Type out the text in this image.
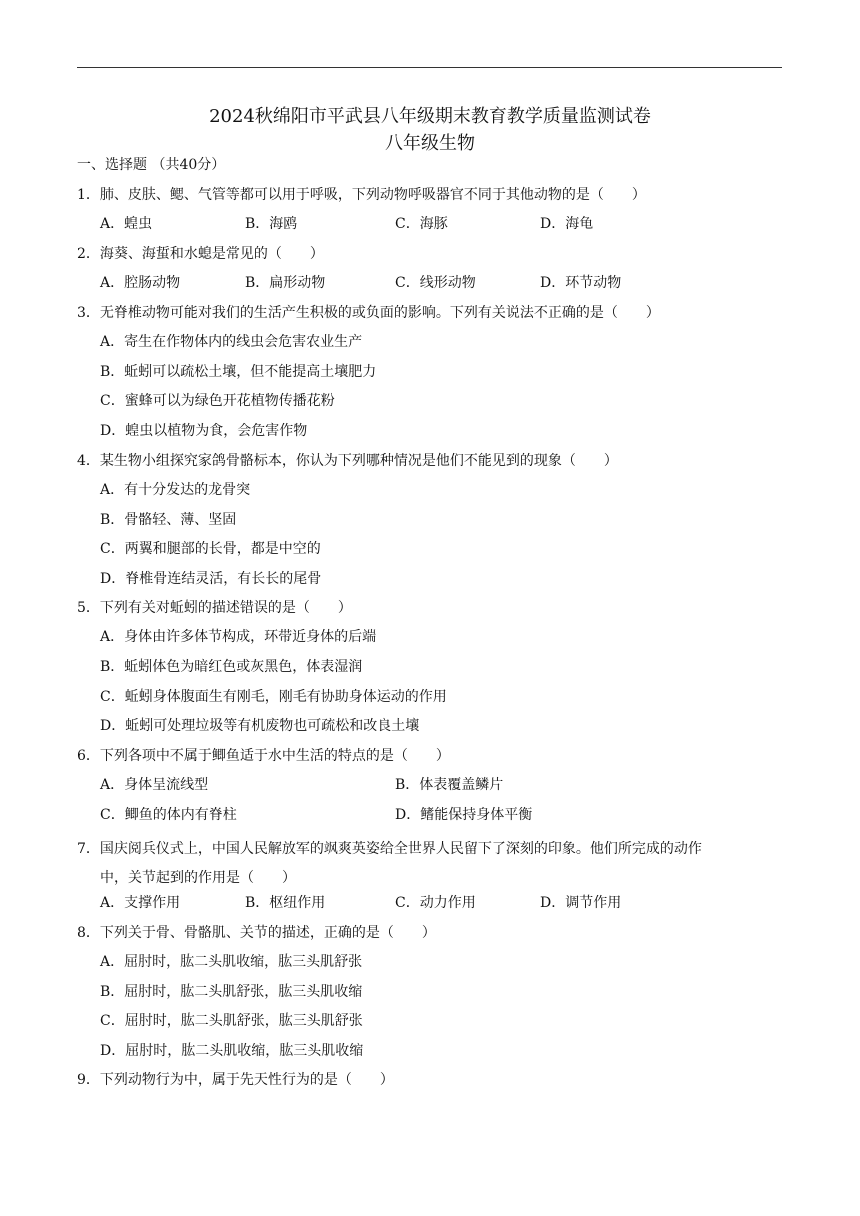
2024秋绵阳市平武县八年级期末教育教学质量监测试卷
八年级生物
一、选择题 （共40分）
1．肺、皮肤、鳃、气管等都可以用于呼吸，下列动物呼吸器官不同于其他动物的是（　　）
A．蝗虫	B．海鸥	C．海豚	D．海龟
2．海葵、海蜇和水螅是常见的（　　）
A．腔肠动物	B．扁形动物	C．线形动物	D．环节动物
3．无脊椎动物可能对我们的生活产生积极的或负面的影响。下列有关说法不正确的是（　　）
A．寄生在作物体内的线虫会危害农业生产
B．蚯蚓可以疏松土壤，但不能提高土壤肥力
C．蜜蜂可以为绿色开花植物传播花粉
D．蝗虫以植物为食，会危害作物
4．某生物小组探究家鸽骨骼标本，你认为下列哪种情况是他们不能见到的现象（　　）
A．有十分发达的龙骨突
B．骨骼轻、薄、坚固
C．两翼和腿部的长骨，都是中空的
D．脊椎骨连结灵活，有长长的尾骨
5．下列有关对蚯蚓的描述错误的是（　　）
A．身体由许多体节构成，环带近身体的后端
B．蚯蚓体色为暗红色或灰黑色，体表湿润
C．蚯蚓身体腹面生有刚毛，刚毛有协助身体运动的作用
D．蚯蚓可处理垃圾等有机废物也可疏松和改良土壤
6．下列各项中不属于鲫鱼适于水中生活的特点的是（　　）
A．身体呈流线型	B．体表覆盖鳞片
C．鲫鱼的体内有脊柱	D．鳍能保持身体平衡
7．国庆阅兵仪式上，中国人民解放军的飒爽英姿给全世界人民留下了深刻的印象。他们所完成的动作
中，关节起到的作用是（　　）
A．支撑作用	B．枢纽作用	C．动力作用	D．调节作用
8．下列关于骨、骨骼肌、关节的描述，正确的是（　　）
A．屈肘时，肱二头肌收缩，肱三头肌舒张
B．屈肘时，肱二头肌舒张，肱三头肌收缩
C．屈肘时，肱二头肌舒张，肱三头肌舒张
D．屈肘时，肱二头肌收缩，肱三头肌收缩
9．下列动物行为中，属于先天性行为的是（　　）
